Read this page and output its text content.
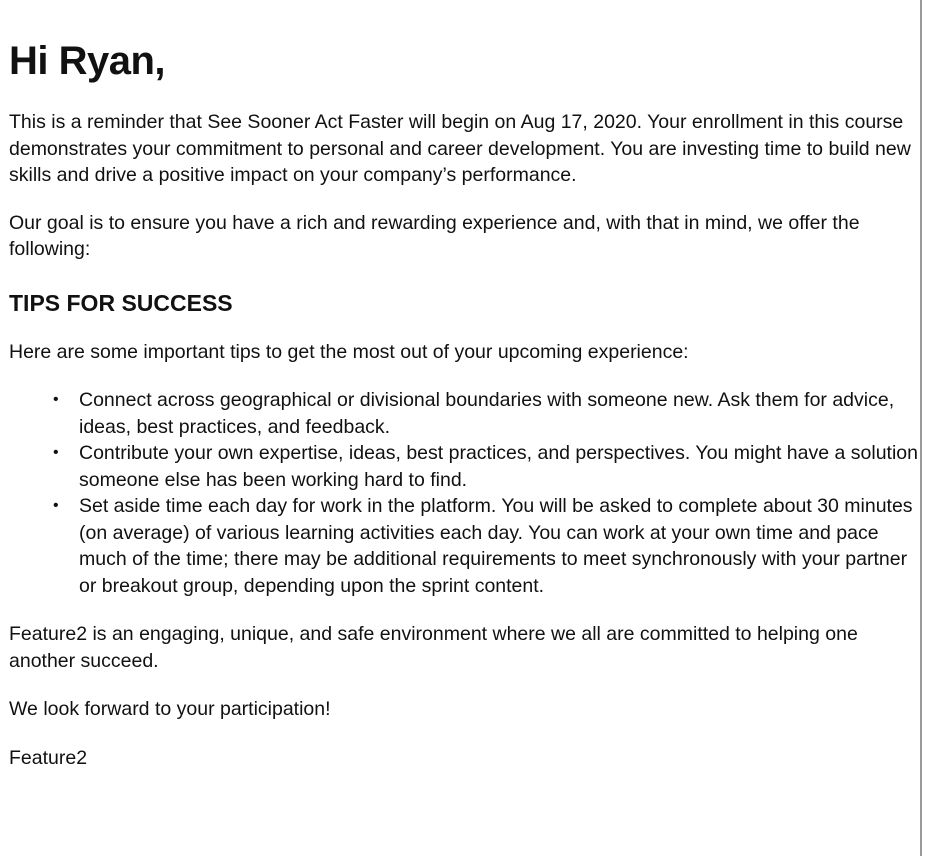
Hi Ryan,

This is a reminder that See Sooner Act Faster will begin on Aug 17, 2020. Your enrollment in this course demonstrates your commitment to personal and career development. You are investing time to build new skills and drive a positive impact on your company’s performance.

Our goal is to ensure you have a rich and rewarding experience and, with that in mind, we offer the following:

TIPS FOR SUCCESS

Here are some important tips to get the most out of your upcoming experience:

• Connect across geographical or divisional boundaries with someone new. Ask them for advice, ideas, best practices, and feedback.
• Contribute your own expertise, ideas, best practices, and perspectives. You might have a solution someone else has been working hard to find.
• Set aside time each day for work in the platform. You will be asked to complete about 30 minutes (on average) of various learning activities each day. You can work at your own time and pace much of the time; there may be additional requirements to meet synchronously with your partner or breakout group, depending upon the sprint content.

Feature2 is an engaging, unique, and safe environment where we all are committed to helping one another succeed.

We look forward to your participation!

Feature2
